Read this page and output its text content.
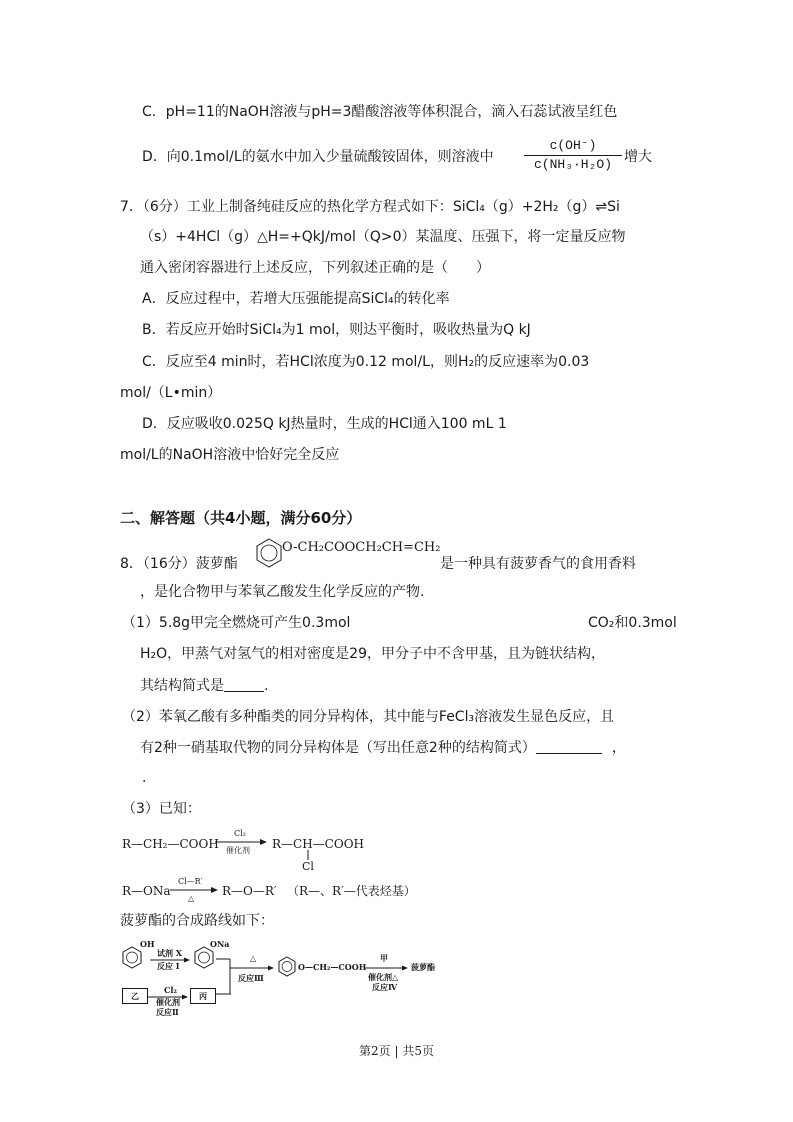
C．pH=11的NaOH溶液与pH=3醋酸溶液等体积混合，滴入石蕊试液呈红色
D．向0.1mol/L的氨水中加入少量硫酸铵固体，则溶液中
c(OH⁻)
c(NH₃·H₂O) 增大
7．（6分）工业上制备纯硅反应的热化学方程式如下：SiCl₄（g）+2H₂（g）⇌Si
（s）+4HCl（g）△H=+QkJ/mol（Q>0）某温度、压强下，将一定量反应物
通入密闭容器进行上述反应，下列叙述正确的是（　　）
A．反应过程中，若增大压强能提高SiCl₄的转化率
B．若反应开始时SiCl₄为1 mol，则达平衡时，吸收热量为Q kJ
C．反应至4 min时，若HCl浓度为0.12 mol/L，则H₂的反应速率为0.03
mol/（L•min）
D．反应吸收0.025Q kJ热量时，生成的HCl通入100 mL 1
mol/L的NaOH溶液中恰好完全反应
二、解答题（共4小题，满分60分）
8．（16分）菠萝酯
O-CH₂COOCH₂CH=CH₂
是一种具有菠萝香气的食用香料
，是化合物甲与苯氧乙酸发生化学反应的产物.
（1）5.8g甲完全燃烧可产生0.3mol	CO₂和0.3mol
H₂O，甲蒸气对氢气的相对密度是29，甲分子中不含甲基，且为链状结构，
其结构简式是	.
（2）苯氧乙酸有多种酯类的同分异构体，其中能与FeCl₃溶液发生显色反应，且
有2种一硝基取代物的同分异构体是（写出任意2种的结构简式）	，
.
（3）已知：
R—CH₂—COOH
Cl₂
催化剂 R—CH—COOH
Cl
R—ONa
Cl—R′
△
R—O—R′ （R—、R′—代表烃基）
菠萝酯的合成路线如下：
OH
试剂 X
反应 I
ONa
△
反应Ⅲ
O—CH₂—COOH
甲
催化剂△
反应Ⅳ
菠萝酯
乙
Cl₂
催化剂
反应Ⅱ
丙
第2页 | 共5页
